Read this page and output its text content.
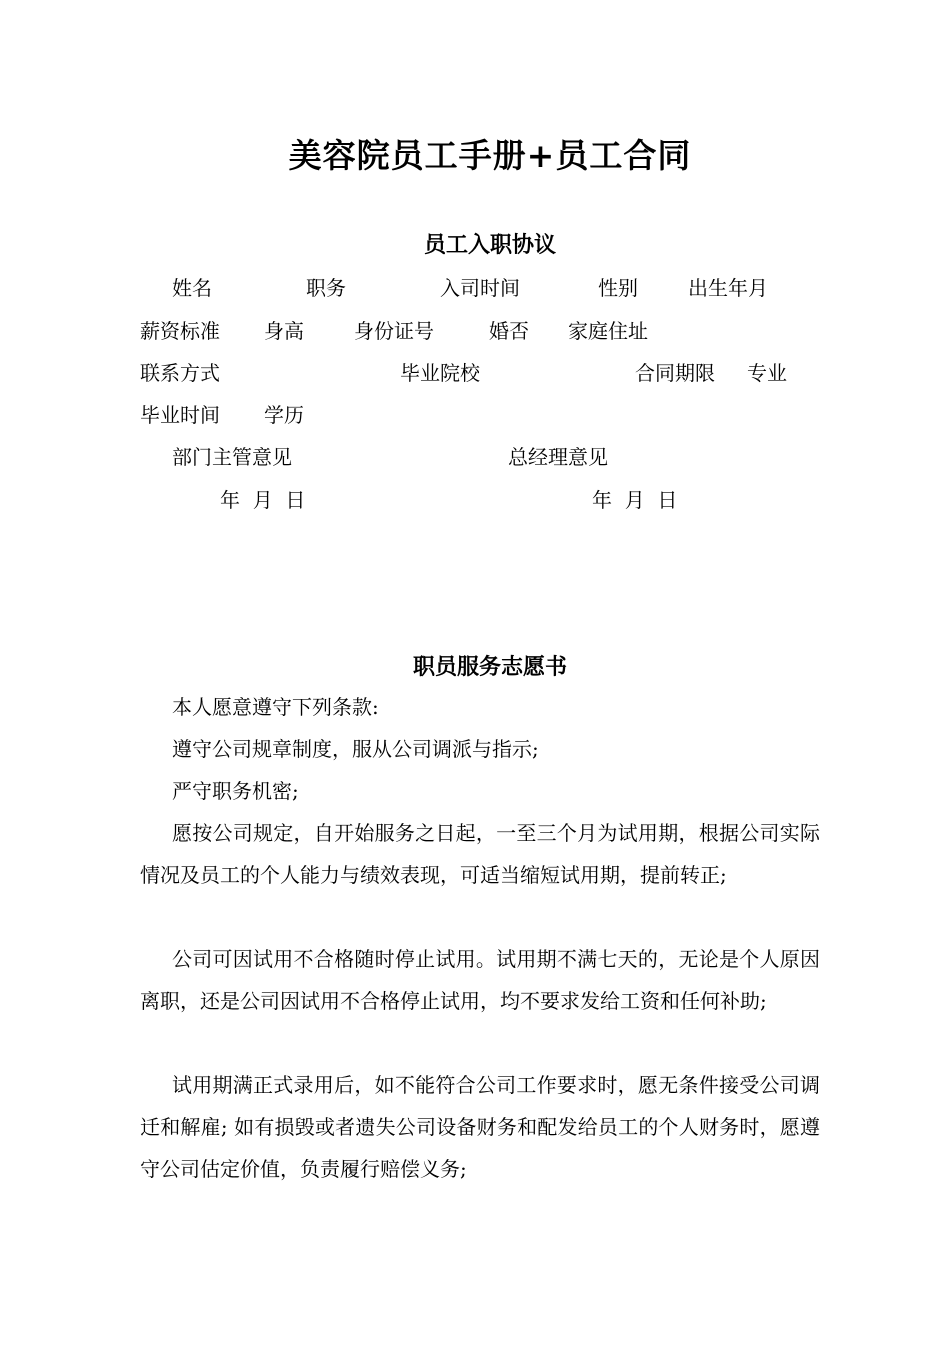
美容院员工手册+员工合同
员工入职协议
姓名	职务	入司时间	性别	出生年月
薪资标准 身高	身份证号	婚否 家庭住址
联系方式	毕业院校	合同期限 专业
毕业时间 学历
部门主管意见	总经理意见
年  月  日	年  月  日
职员服务志愿书
本人愿意遵守下列条款:
遵守公司规章制度，服从公司调派与指示;
严守职务机密;
愿按公司规定，自开始服务之日起，一至三个月为试用期，根据公司实际情况及员工的个人能力与绩效表现，可适当缩短试用期，提前转正;
公司可因试用不合格随时停止试用。试用期不满七天的，无论是个人原因离职，还是公司因试用不合格停止试用，均不要求发给工资和任何补助;
试用期满正式录用后，如不能符合公司工作要求时，愿无条件接受公司调迁和解雇; 如有损毁或者遗失公司设备财务和配发给员工的个人财务时，愿遵守公司估定价值，负责履行赔偿义务;
